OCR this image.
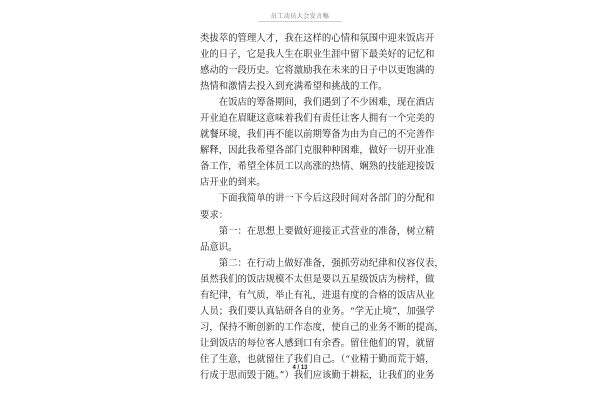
员工动员大会发言稿
类拔萃的管理人才，我在这样的心情和氛围中迎来饭店开
业的日子，它是我人生在职业生涯中留下最美好的记忆和
感动的一段历史。它将激励我在未来的日子中以更饱满的
热情和激情去投入到充满希望和挑战的工作。
　　在饭店的筹备期间，我们遇到了不少困难，现在酒店
开业迫在眉睫这意味着我们有责任让客人拥有一个完美的
就餐环境，我们再不能以前期筹备为由为自己的不完善作
解释，因此我希望各部门克服种种困难，做好一切开业准
备工作，希望全体员工以高涨的热情、娴熟的技能迎接饭
店开业的到来。
　　下面我简单的讲一下今后这段时间对各部门的分配和
要求：
　　第一：在思想上要做好迎接正式营业的准备，树立精
品意识。
　　第二：在行动上做好准备，强抓劳动纪律和仪容仪表，
虽然我们的饭店规模不太但是要以五星级饭店为榜样，做
有纪律，有气质，举止有礼，进退有度的合格的饭店从业
人员；我们要认真钻研各自的业务。“学无止境”，加强学
习，保持不断创新的工作态度，使自己的业务不断的提高，
让到饭店的每位客人感到口有余香。留住他们的胃，就留
住了生意，也就留住了我们自己。（“业精于勤而荒于嬉，
行成于思而毁于随。”）我们应该勤于耕耘，让我们的业务
4 / 13
